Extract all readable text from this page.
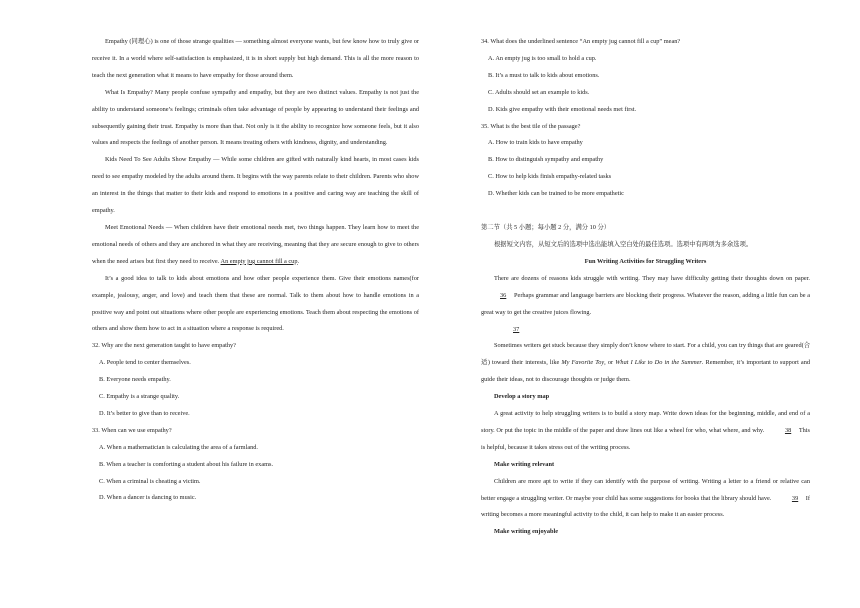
Empathy (同理心) is one of those strange qualities — something almost everyone wants, but few know how to truly give or receive it. In a world where self-satisfaction is emphasized, it is in short supply but high demand. This is all the more reason to teach the next generation what it means to have empathy for those around them.

What Is Empathy? Many people confuse sympathy and empathy, but they are two distinct values. Empathy is not just the ability to understand someone’s feelings; criminals often take advantage of people by appearing to understand their feelings and subsequently gaining their trust. Empathy is more than that. Not only is it the ability to recognize how someone feels, but it also values and respects the feelings of another person. It means treating others with kindness, dignity, and understanding.

Kids Need To See Adults Show Empathy — While some children are gifted with naturally kind hearts, in most cases kids need to see empathy modeled by the adults around them. It begins with the way parents relate to their children. Parents who show an interest in the things that matter to their kids and respond to emotions in a positive and caring way are teaching the skill of empathy.

Meet Emotional Needs — When children have their emotional needs met, two things happen. They learn how to meet the emotional needs of others and they are anchored in what they are receiving, meaning that they are secure enough to give to others when the need arises but first they need to receive. An empty jug cannot fill a cup.

It’s a good idea to talk to kids about emotions and how other people experience them. Give their emotions names(for example, jealousy, anger, and love) and teach them that these are normal. Talk to them about how to handle emotions in a positive way and point out situations where other people are experiencing emotions. Teach them about respecting the emotions of others and show them how to act in a situation where a response is required.

32. Why are the next generation taught to have empathy?

A. People tend to center themselves.

B. Everyone needs empathy.

C. Empathy is a strange quality.

D. It’s better to give than to receive.

33. When can we use empathy?

A. When a mathematician is calculating the area of a farmland.

B. When a teacher is comforting a student about his failure in exams.

C. When a criminal is cheating a victim.

D. When a dancer is dancing to music.

34. What does the underlined sentence “An empty jug cannot fill a cup” mean?

A. An empty jug is too small to hold a cup.

B. It’s a must to talk to kids about emotions.

C. Adults should set an example to kids.

D. Kids give empathy with their emotional needs met first.

35. What is the best tile of the passage?

A. How to train kids to have empathy

B. How to distinguish sympathy and empathy

C. How to help kids finish empathy-related tasks

D. Whether kids can be trained to be more empathetic

第二节（共 5 小题；每小题 2 分，满分 10 分）

根据短文内容，从短文后的选项中选出能填入空白处的最佳选项。选项中有两项为多余选项。

Fun Writing Activities for Struggling Writers

There are dozens of reasons kids struggle with writing. They may have difficulty getting their thoughts down on paper. 36 Perhaps grammar and language barriers are blocking their progress. Whatever the reason, adding a little fun can be a great way to get the creative juices flowing.

37

Sometimes writers get stuck because they simply don’t know where to start. For a child, you can try things that are geared(合适) toward their interests, like My Favorite Toy, or What I Like to Do in the Summer. Remember, it’s important to support and guide their ideas, not to discourage thoughts or judge them.

Develop a story map

A great activity to help struggling writers is to build a story map. Write down ideas for the beginning, middle, and end of a story. Or put the topic in the middle of the paper and draw lines out like a wheel for who, what where, and why.	38 This is helpful, because it takes stress out of the writing process.

Make writing relevant

Children are more apt to write if they can identify with the purpose of writing. Writing a letter to a friend or relative can better engage a struggling writer. Or maybe your child has some suggestions for books that the library should have.	39 If writing becomes a more meaningful activity to the child, it can help to make it an easier process.

Make writing enjoyable
